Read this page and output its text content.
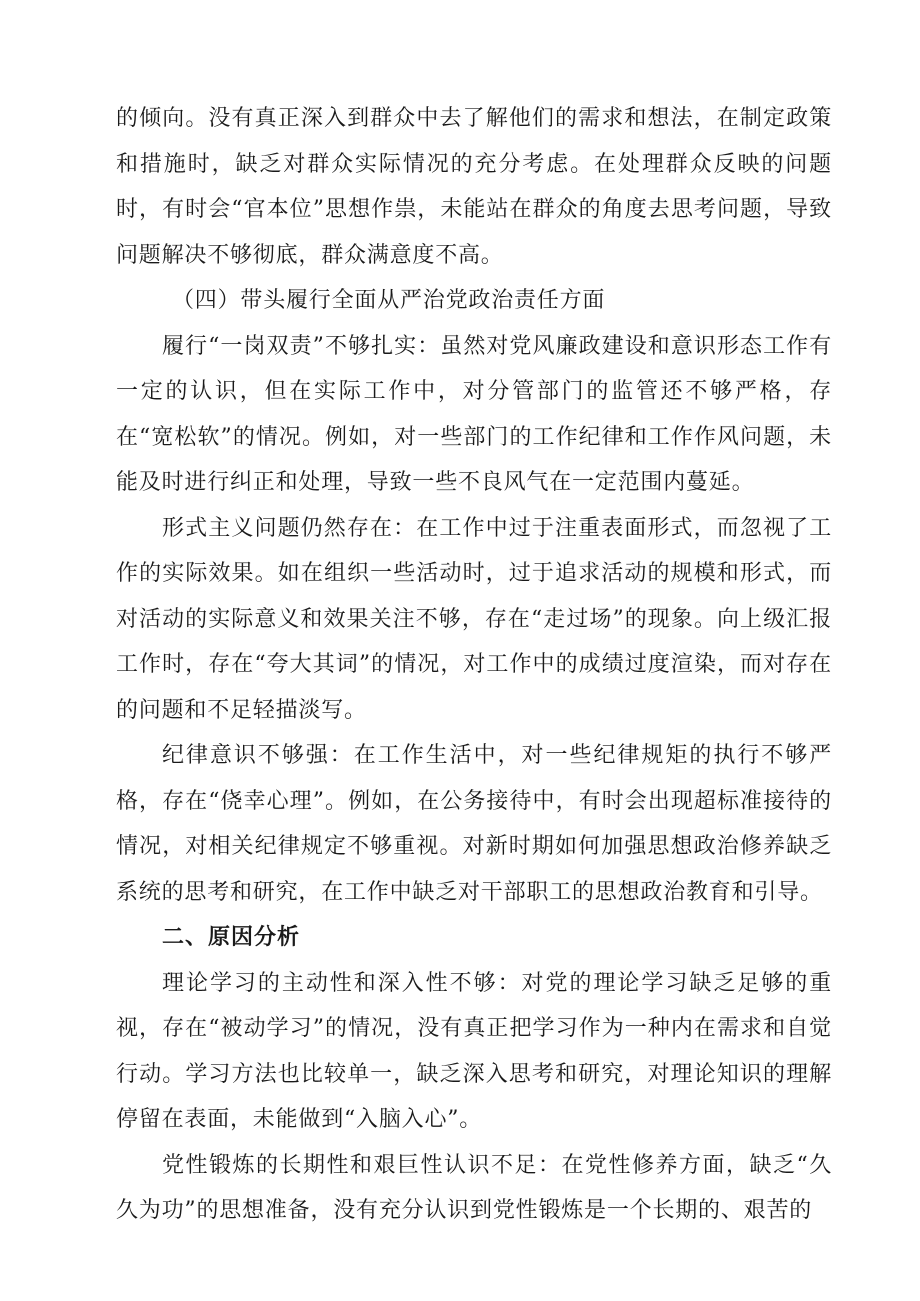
的倾向。没有真正深入到群众中去了解他们的需求和想法，在制定政策和措施时，缺乏对群众实际情况的充分考虑。在处理群众反映的问题时，有时会“官本位”思想作祟，未能站在群众的角度去思考问题，导致问题解决不够彻底，群众满意度不高。

（四）带头履行全面从严治党政治责任方面

履行“一岗双责”不够扎实：虽然对党风廉政建设和意识形态工作有一定的认识，但在实际工作中，对分管部门的监管还不够严格，存在“宽松软”的情况。例如，对一些部门的工作纪律和工作作风问题，未能及时进行纠正和处理，导致一些不良风气在一定范围内蔓延。

形式主义问题仍然存在：在工作中过于注重表面形式，而忽视了工作的实际效果。如在组织一些活动时，过于追求活动的规模和形式，而对活动的实际意义和效果关注不够，存在“走过场”的现象。向上级汇报工作时，存在“夸大其词”的情况，对工作中的成绩过度渲染，而对存在的问题和不足轻描淡写。

纪律意识不够强：在工作生活中，对一些纪律规矩的执行不够严格，存在“侥幸心理”。例如，在公务接待中，有时会出现超标准接待的情况，对相关纪律规定不够重视。对新时期如何加强思想政治修养缺乏系统的思考和研究，在工作中缺乏对干部职工的思想政治教育和引导。

二、原因分析

理论学习的主动性和深入性不够：对党的理论学习缺乏足够的重视，存在“被动学习”的情况，没有真正把学习作为一种内在需求和自觉行动。学习方法也比较单一，缺乏深入思考和研究，对理论知识的理解停留在表面，未能做到“入脑入心”。

党性锻炼的长期性和艰巨性认识不足：在党性修养方面，缺乏“久久为功”的思想准备，没有充分认识到党性锻炼是一个长期的、艰苦的
